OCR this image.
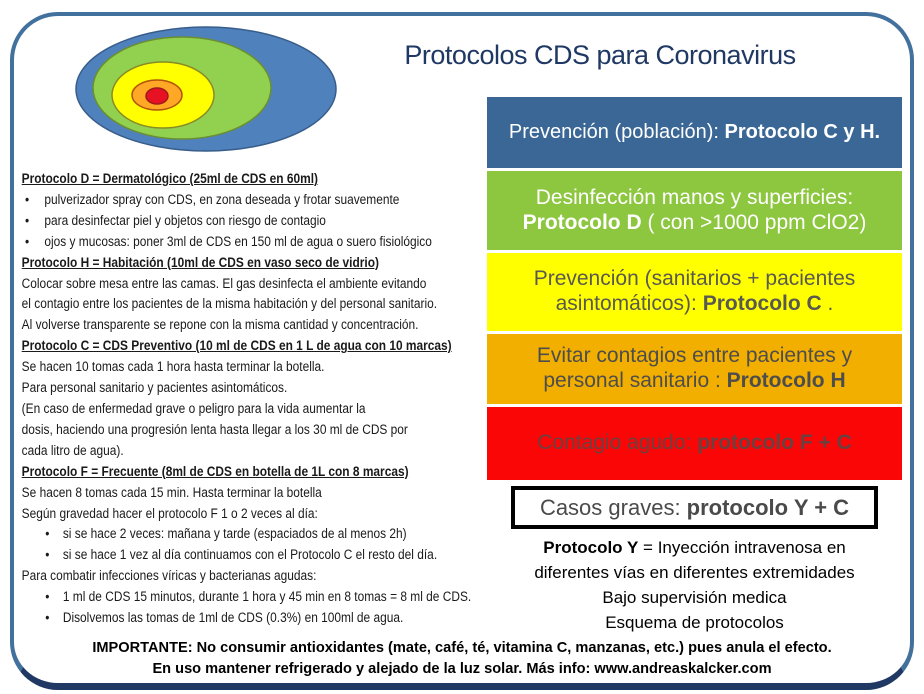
Protocolos CDS para Coronavirus
Protocolo D = Dermatológico (25ml de CDS en 60ml)
• pulverizador spray con CDS, en zona deseada y frotar suavemente
• para desinfectar piel y objetos con riesgo de contagio
• ojos y mucosas: poner 3ml de CDS en 150 ml de agua o suero fisiológico
Protocolo H = Habitación (10ml de CDS en vaso seco de vidrio)
Colocar sobre mesa entre las camas. El gas desinfecta el ambiente evitando
el contagio entre los pacientes de la misma habitación y del personal sanitario.
Al volverse transparente se repone con la misma cantidad y concentración.
Protocolo C = CDS Preventivo (10 ml de CDS en 1 L de agua con 10 marcas)
Se hacen 10 tomas cada 1 hora hasta terminar la botella.
Para personal sanitario y pacientes asintomáticos.
(En caso de enfermedad grave o peligro para la vida aumentar la
dosis, haciendo una progresión lenta hasta llegar a los 30 ml de CDS por
cada litro de agua).
Protocolo F = Frecuente (8ml de CDS en botella de 1L con 8 marcas)
Se hacen 8 tomas cada 15 min. Hasta terminar la botella
Según gravedad hacer el protocolo F 1 o 2 veces al día:
• si se hace 2 veces: mañana y tarde (espaciados de al menos 2h)
• si se hace 1 vez al día continuamos con el Protocolo C el resto del día.
Para combatir infecciones víricas y bacterianas agudas:
• 1 ml de CDS 15 minutos, durante 1 hora y 45 min en 8 tomas = 8 ml de CDS.
• Disolvemos las tomas de 1ml de CDS (0.3%) en 100ml de agua.
Prevención (población): Protocolo C y H.
Desinfección manos y superficies: Protocolo D ( con >1000 ppm ClO2)
Prevención (sanitarios + pacientes asintomáticos): Protocolo C .
Evitar contagios entre pacientes y personal sanitario : Protocolo H
Contagio agudo: protocolo F + C
Casos graves: protocolo Y + C
Protocolo Y = Inyección intravenosa en
diferentes vías en diferentes extremidades
Bajo supervisión medica
Esquema de protocolos
IMPORTANTE: No consumir antioxidantes (mate, café, té, vitamina C, manzanas, etc.) pues anula el efecto.
En uso mantener refrigerado y alejado de la luz solar. Más info: www.andreaskalcker.com
